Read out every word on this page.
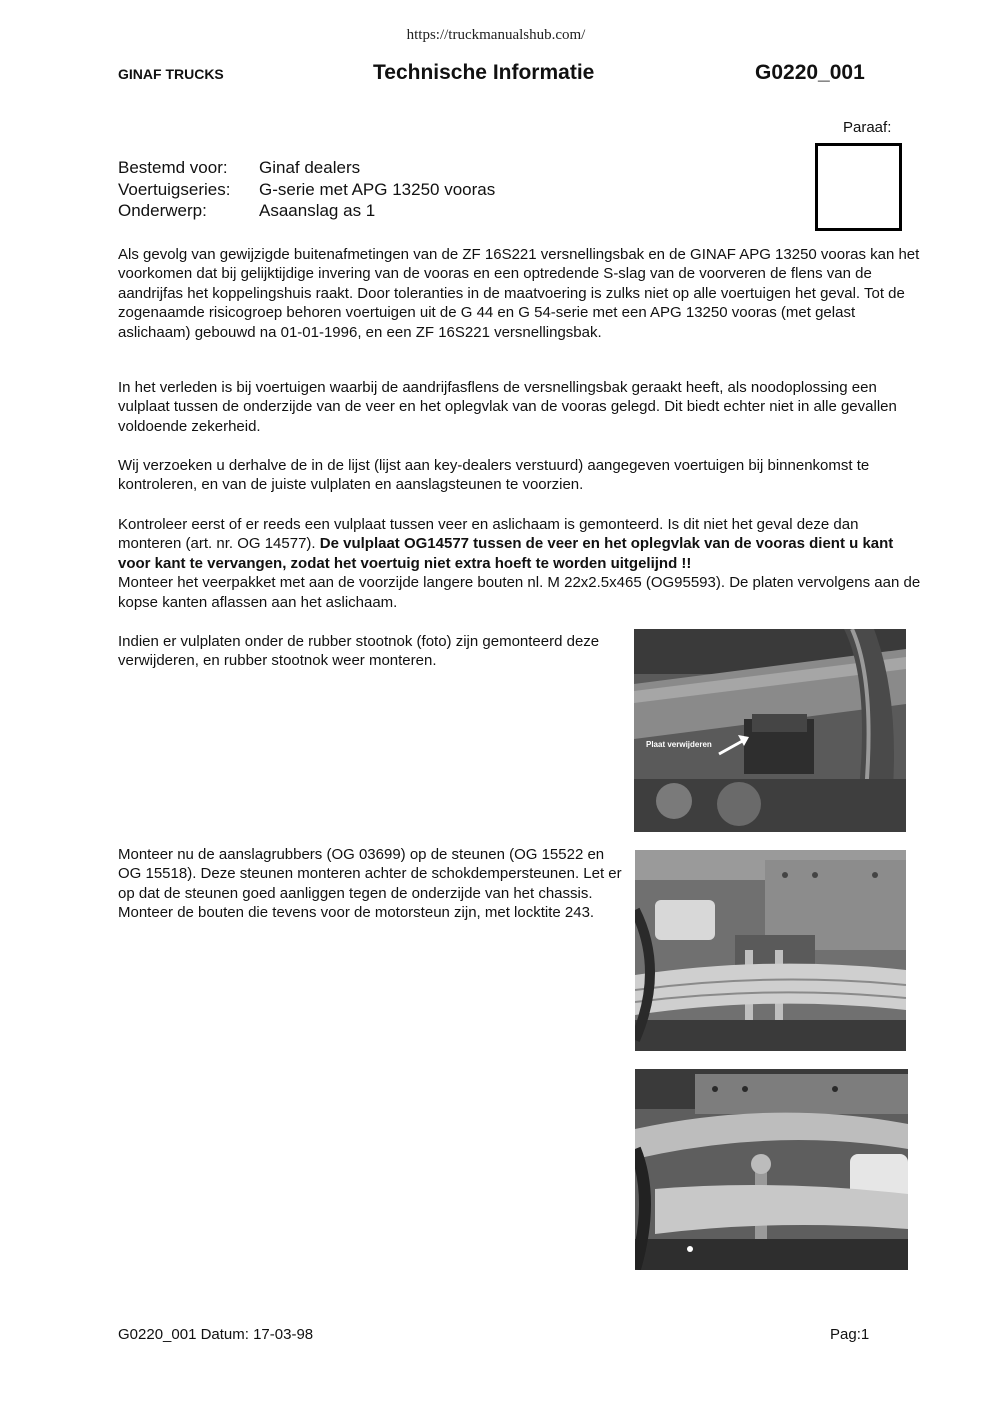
https://truckmanualshub.com/
GINAF TRUCKS	Technische Informatie	G0220_001
Paraaf:
Bestemd voor:	Ginaf dealers
Voertuigseries:	G-serie met APG 13250 vooras
Onderwerp:	Asaanslag as 1

Als gevolg van gewijzigde buitenafmetingen van de ZF 16S221 versnellingsbak en de GINAF APG 13250 vooras kan het voorkomen dat bij gelijktijdige invering van de vooras en een optredende S-slag van de voorveren de flens van de aandrijfas het koppelingshuis raakt. Door toleranties in de maatvoering is zulks niet op alle voertuigen het geval. Tot de zogenaamde risicogroep behoren voertuigen uit de G 44 en G 54-serie met een APG 13250 vooras (met gelast aslichaam) gebouwd na 01-01-1996, en een ZF 16S221 versnellingsbak.

In het verleden is bij voertuigen waarbij de aandrijfasflens de versnellingsbak geraakt heeft, als noodoplossing een vulplaat tussen de onderzijde van de veer en het oplegvlak van de vooras gelegd. Dit biedt echter niet in alle gevallen voldoende zekerheid.

Wij verzoeken u derhalve de in de lijst (lijst aan key-dealers verstuurd) aangegeven voertuigen bij binnenkomst te kontroleren, en van de juiste vulplaten en aanslagsteunen te voorzien.

Kontroleer eerst of er reeds een vulplaat tussen veer en aslichaam is gemonteerd. Is dit niet het geval deze dan monteren (art. nr. OG 14577). De vulplaat OG14577 tussen de veer en het oplegvlak van de vooras dient u kant voor kant te vervangen, zodat het voertuig niet extra hoeft te worden uitgelijnd !!
Monteer het veerpakket met aan de voorzijde langere bouten nl. M 22x2.5x465 (OG95593). De platen vervolgens aan de kopse kanten aflassen aan het aslichaam.

Indien er vulplaten onder de rubber stootnok (foto) zijn gemonteerd deze verwijderen, en rubber stootnok weer monteren.

Monteer nu de aanslagrubbers (OG 03699) op de steunen (OG 15522 en OG 15518). Deze steunen monteren achter de schokdempersteunen. Let er op dat de steunen goed aanliggen tegen de onderzijde van het chassis. Monteer de bouten die tevens voor de motorsteun zijn, met locktite 243.

Plaat verwijderen
G0220_001 Datum: 17-03-98	Pag:1
